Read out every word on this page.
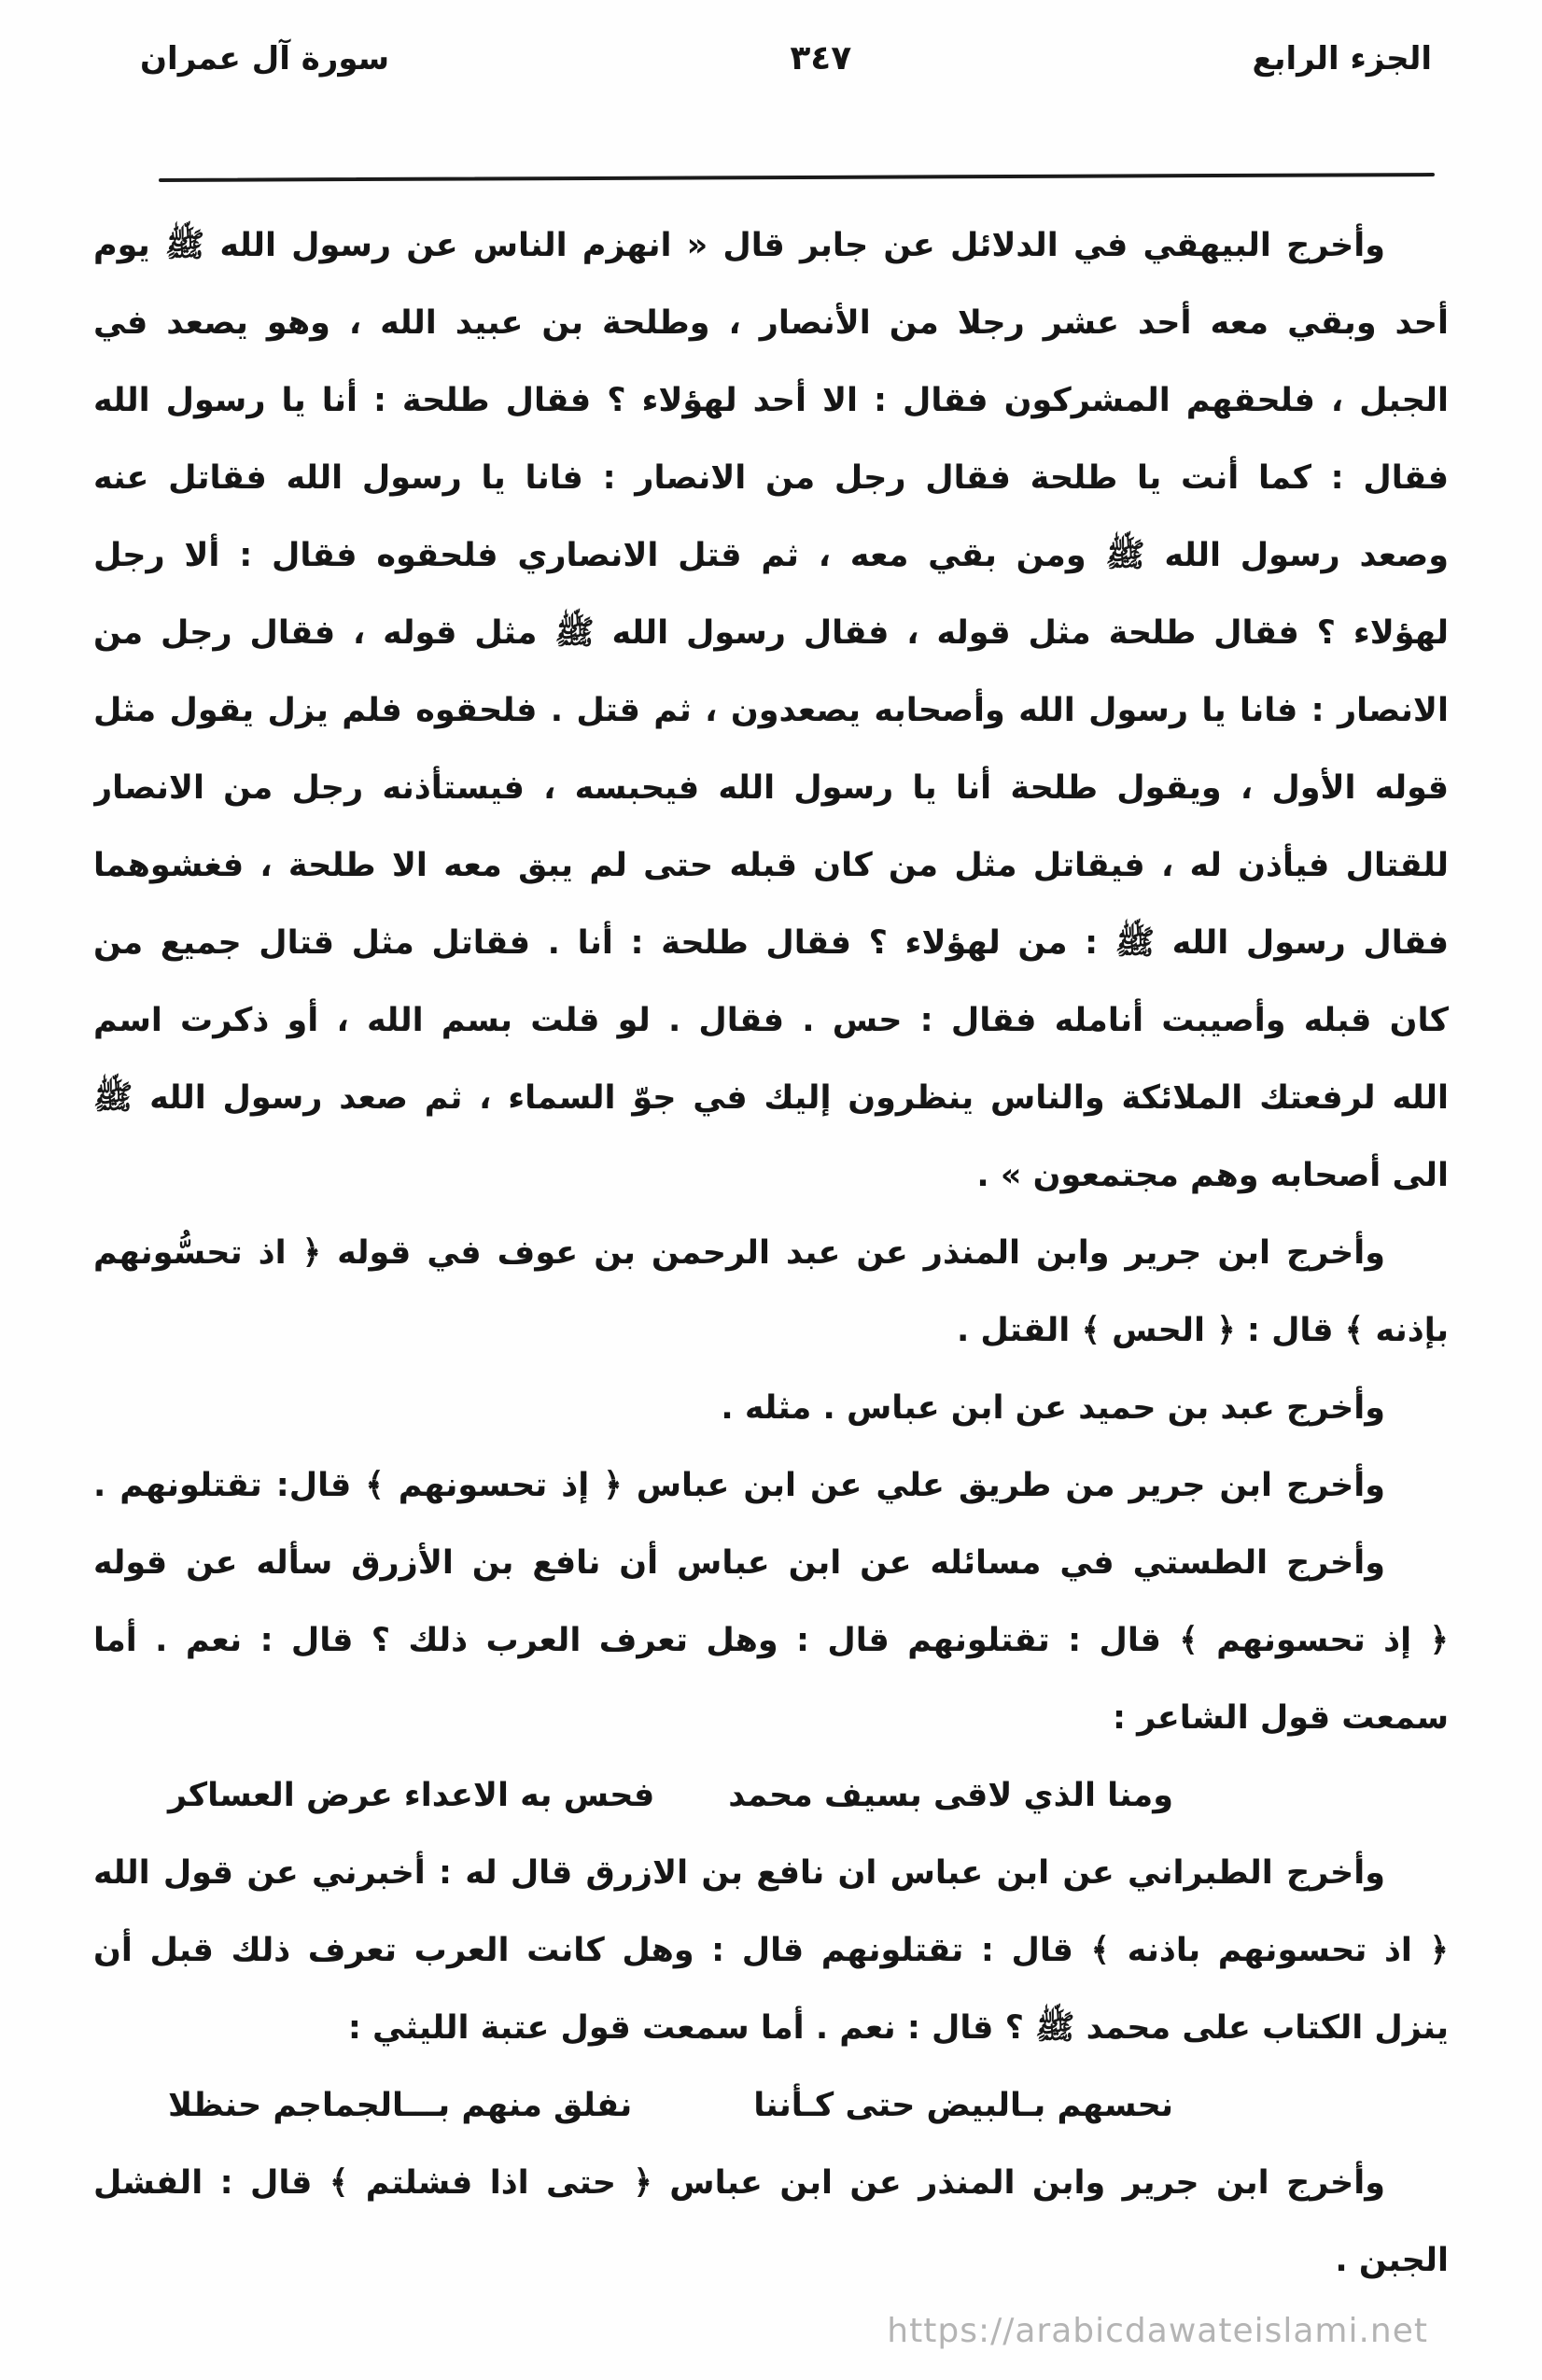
الجزء الرابع
٣٤٧
سورة آل عمران

وأخرج البيهقي في الدلائل عن جابر قال « انهزم الناس عن رسول الله ﷺ يوم

أحد وبقي معه أحد عشر رجلا من الأنصار ، وطلحة بن عبيد الله ، وهو يصعد في

الجبل ، فلحقهم المشركون فقال : الا أحد لهؤلاء ؟ فقال طلحة : أنا يا رسول الله

فقال : كما أنت يا طلحة فقال رجل من الانصار : فانا يا رسول الله فقاتل عنه

وصعد رسول الله ﷺ ومن بقي معه ، ثم قتل الانصاري فلحقوه فقال : ألا رجل

لهؤلاء ؟ فقال طلحة مثل قوله ، فقال رسول الله ﷺ مثل قوله ، فقال رجل من

الانصار : فانا يا رسول الله وأصحابه يصعدون ، ثم قتل . فلحقوه فلم يزل يقول مثل

قوله الأول ، ويقول طلحة أنا يا رسول الله فيحبسه ، فيستأذنه رجل من الانصار

للقتال فيأذن له ، فيقاتل مثل من كان قبله حتى لم يبق معه الا طلحة ، فغشوهما

فقال رسول الله ﷺ : من لهؤلاء ؟ فقال طلحة : أنا . فقاتل مثل قتال جميع من

كان قبله وأصيبت أنامله فقال : حس . فقال . لو قلت بسم الله ، أو ذكرت اسم

الله لرفعتك الملائكة والناس ينظرون إليك في جوّ السماء ، ثم صعد رسول الله ﷺ

الى أصحابه وهم مجتمعون » .

وأخرج ابن جرير وابن المنذر عن عبد الرحمن بن عوف في قوله ﴿ اذ تحسُّونهم

بإذنه ﴾ قال : ﴿ الحس ﴾ القتل .

وأخرج عبد بن حميد عن ابن عباس . مثله .

وأخرج ابن جرير من طريق علي عن ابن عباس ﴿ إذ تحسونهم ﴾ قال: تقتلونهم .

وأخرج الطستي في مسائله عن ابن عباس أن نافع بن الأزرق سأله عن قوله

﴿ إذ تحسونهم ﴾ قال : تقتلونهم قال : وهل تعرف العرب ذلك ؟ قال : نعم . أما

سمعت قول الشاعر :

ومنا الذي لاقى بسيف محمد
فحس به الاعداء عرض العساكر

وأخرج الطبراني عن ابن عباس ان نافع بن الازرق قال له : أخبرني عن قول الله

﴿ اذ تحسونهم باذنه ﴾ قال : تقتلونهم قال : وهل كانت العرب تعرف ذلك قبل أن

ينزل الكتاب على محمد ﷺ ؟ قال : نعم . أما سمعت قول عتبة الليثي :

نحسهم بـالبيض حتى كـأننا
نفلق منهم بـــالجماجم حنظلا

وأخرج ابن جرير وابن المنذر عن ابن عباس ﴿ حتى اذا فشلتم ﴾ قال : الفشل

الجبن .

https://arabicdawateislami.net
